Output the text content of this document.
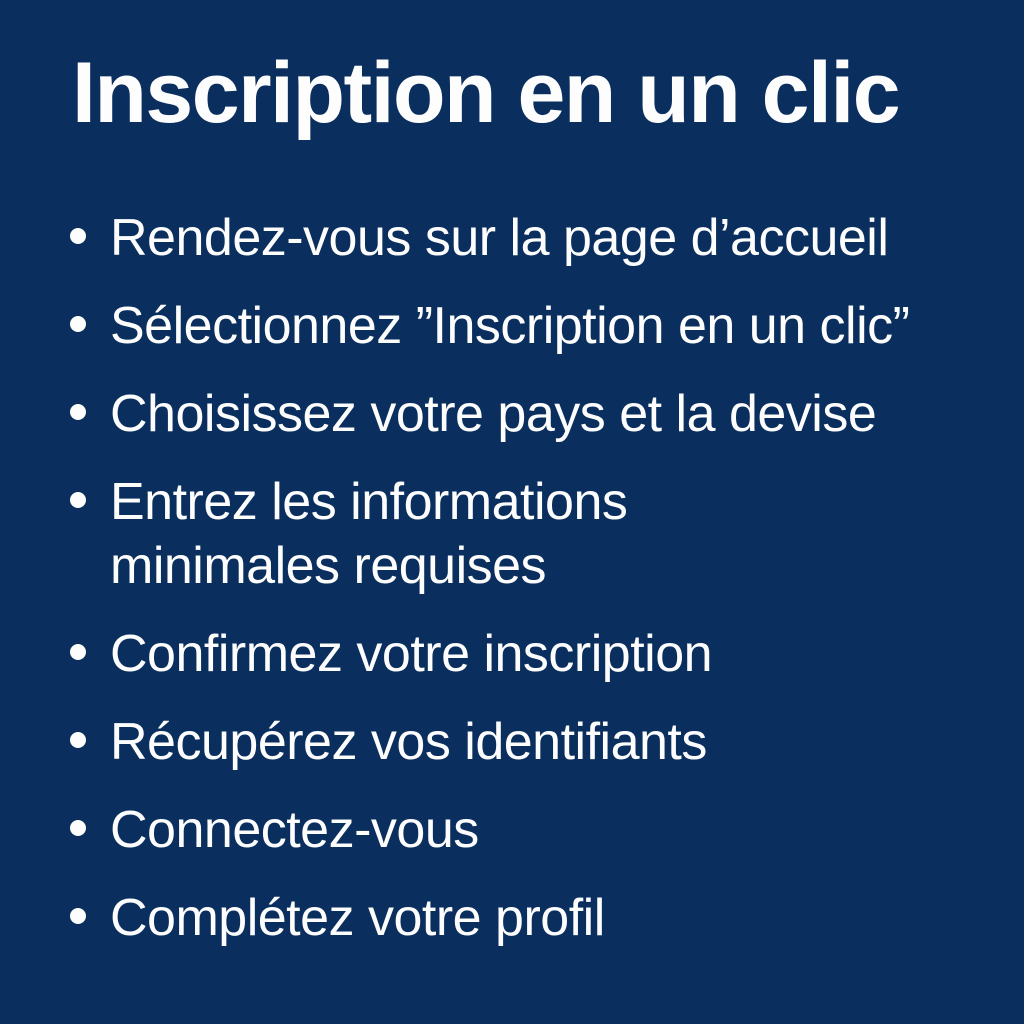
Inscription en un clic
Rendez-vous sur la page d’accueil
Sélectionnez ”Inscription en un clic”
Choisissez votre pays et la devise
Entrez les informations minimales requises
Confirmez votre inscription
Récupérez vos identifiants
Connectez-vous
Complétez votre profil
